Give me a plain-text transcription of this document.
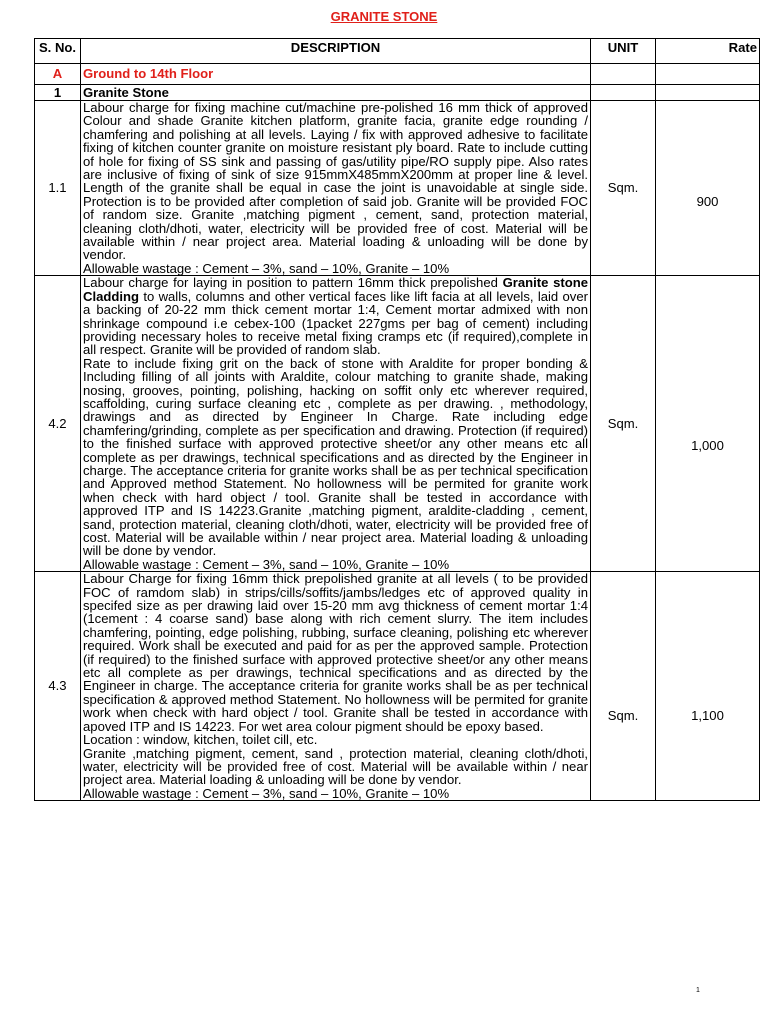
GRANITE STONE
S. No.	DESCRIPTION	UNIT	Rate
A	Ground to 14th Floor		
1	Granite Stone		
1.1	Labour charge for fixing machine cut/machine pre-polished 16 mm thick of approved Colour and shade Granite kitchen platform, granite facia, granite edge rounding / chamfering and polishing at all levels. Laying / fix with approved adhesive to facilitate fixing of kitchen counter granite on moisture resistant ply board. Rate to include cutting of hole for fixing of SS sink and passing of gas/utility pipe/RO supply pipe. Also rates are inclusive of fixing of sink of size 915mmX485mmX200mm at proper line & level. Length of the granite shall be equal in case the joint is unavoidable at single side. Protection is to be provided after completion of said job. Granite will be provided FOC of random size. Granite ,matching pigment , cement, sand, protection material, cleaning cloth/dhoti, water, electricity will be provided free of cost. Material will be available within / near project area. Material loading & unloading will be done by vendor.

Allowable wastage : Cement – 3%, sand – 10%, Granite – 10%	Sqm.	900
4.2	Labour charge for laying in position to pattern 16mm thick prepolished Granite stone Cladding to walls, columns and other vertical faces like lift facia at all levels, laid over a backing of 20-22 mm thick cement mortar 1:4, Cement mortar admixed with non shrinkage compound i.e cebex-100 (1packet 227gms per bag of cement) including providing necessary holes to receive metal fixing cramps etc (if required),complete in all respect. Granite will be provided of random slab.

Rate to include fixing grit on the back of stone with Araldite for proper bonding & Including filling of all joints with Araldite, colour matching to granite shade, making nosing, grooves, pointing, polishing, hacking on soffit only etc wherever required, scaffolding, curing surface cleaning etc , complete as per drawing. , methodology, drawings and as directed by Engineer In Charge. Rate including edge chamfering/grinding, complete as per specification and drawing. Protection (if required) to the finished surface with approved protective sheet/or any other means etc all complete as per drawings, technical specifications and as directed by the Engineer in charge. The acceptance criteria for granite works shall be as per technical specification and Approved method Statement. No hollowness will be permited for granite work when check with hard object / tool. Granite shall be tested in accordance with approved ITP and IS 14223.Granite ,matching pigment, araldite-cladding , cement, sand, protection material, cleaning cloth/dhoti, water, electricity will be provided free of cost. Material will be available within / near project area. Material loading & unloading will be done by vendor.

Allowable wastage : Cement – 3%, sand – 10%, Granite – 10%	Sqm.	1,000
4.3	Labour Charge for fixing 16mm thick prepolished granite at all levels ( to be provided FOC of ramdom slab) in strips/cills/soffits/jambs/ledges etc of approved quality in specifed size as per drawing laid over 15-20 mm avg thickness of cement mortar 1:4 (1cement : 4 coarse sand) base along with rich cement slurry. The item includes chamfering, pointing, edge polishing, rubbing, surface cleaning, polishing etc wherever required. Work shall be executed and paid for as per the approved sample. Protection (if required) to the finished surface with approved protective sheet/or any other means etc all complete as per drawings, technical specifications and as directed by the Engineer in charge. The acceptance criteria for granite works shall be as per technical specification & approved method Statement. No hollowness will be permited for granite work when check with hard object / tool. Granite shall be tested in accordance with apoved ITP and IS 14223. For wet area colour pigment should be epoxy based.

Location : window, kitchen, toilet cill, etc.

Granite ,matching pigment, cement, sand , protection material, cleaning cloth/dhoti, water, electricity will be provided free of cost. Material will be available within / near project area. Material loading & unloading will be done by vendor.

Allowable wastage : Cement – 3%, sand – 10%, Granite – 10%	Sqm.	1,100
1
